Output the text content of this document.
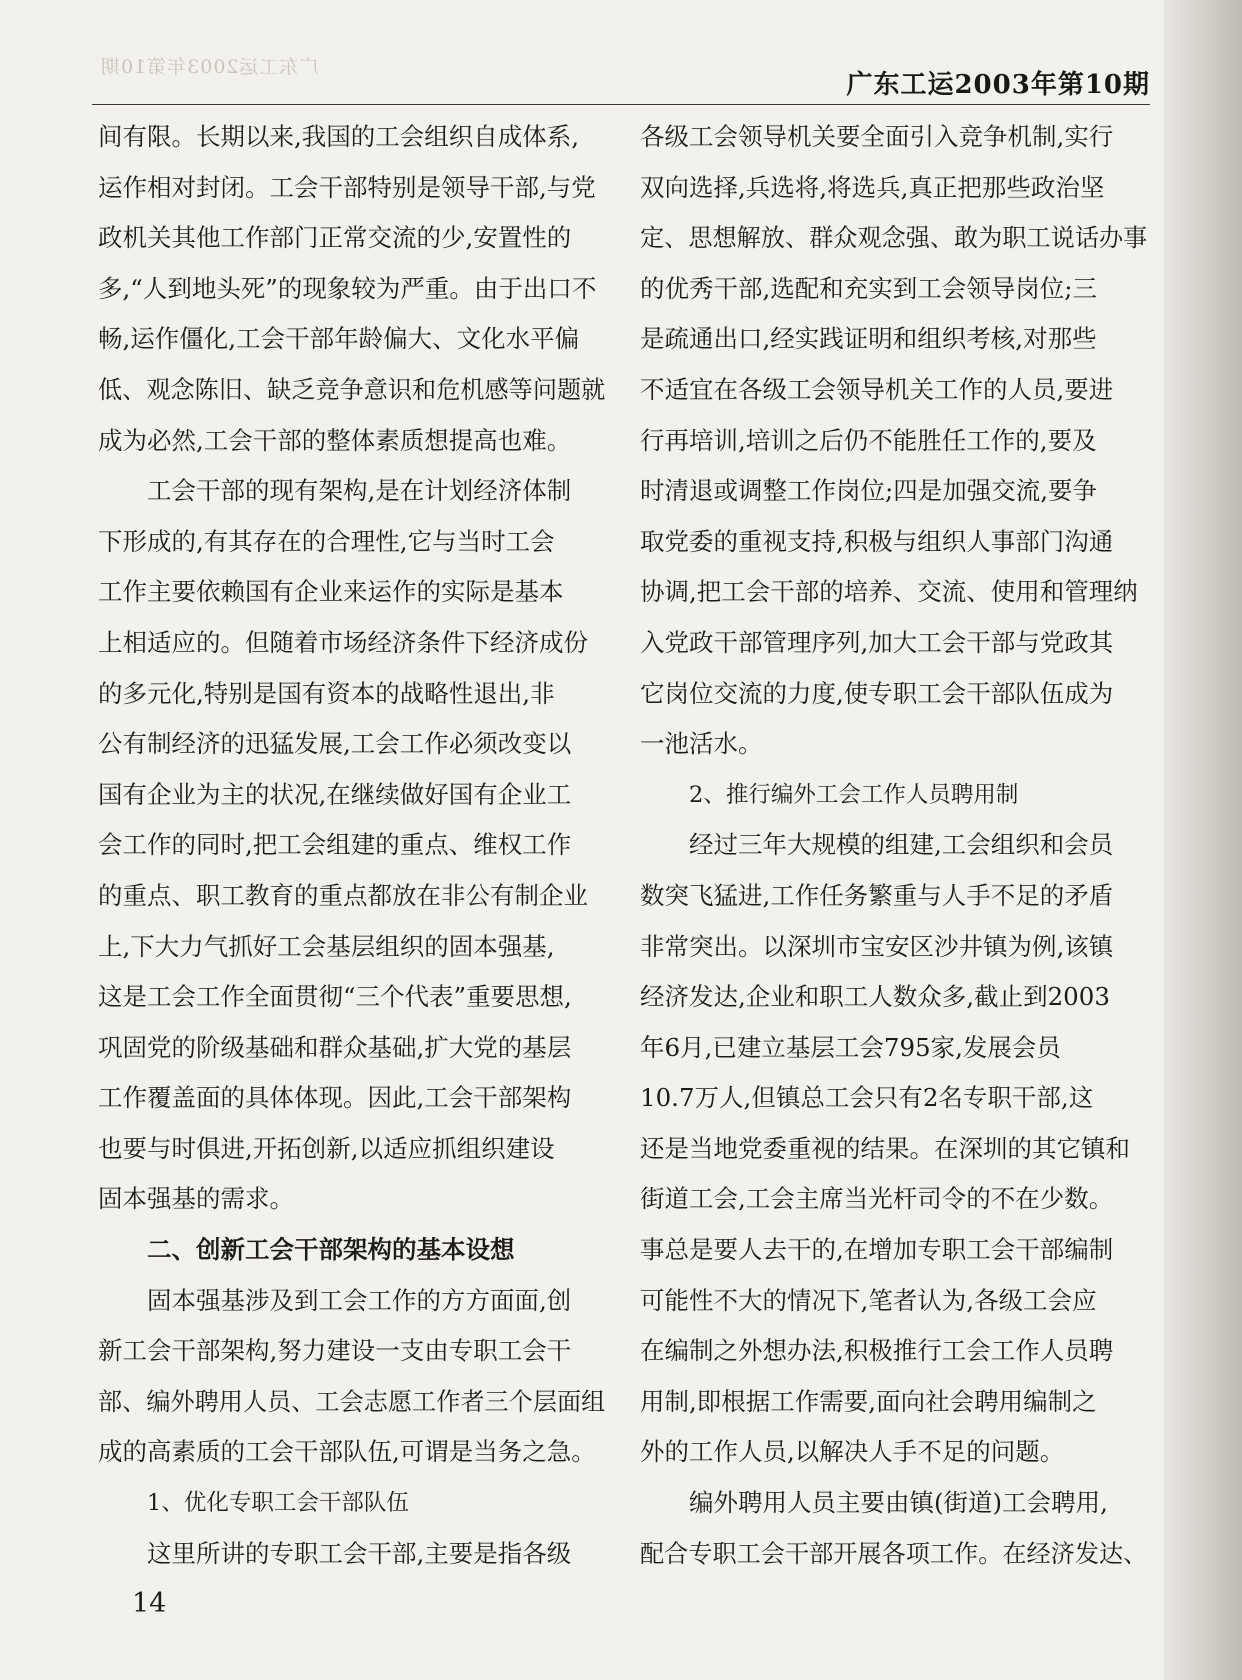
广东工运2003年第10期
广东工运2003年第10期
间有限。长期以来,我国的工会组织自成体系,
运作相对封闭。工会干部特别是领导干部,与党
政机关其他工作部门正常交流的少,安置性的
多,“人到地头死”的现象较为严重。由于出口不
畅,运作僵化,工会干部年龄偏大、文化水平偏
低、观念陈旧、缺乏竞争意识和危机感等问题就
成为必然,工会干部的整体素质想提高也难。
工会干部的现有架构,是在计划经济体制
下形成的,有其存在的合理性,它与当时工会
工作主要依赖国有企业来运作的实际是基本
上相适应的。但随着市场经济条件下经济成份
的多元化,特别是国有资本的战略性退出,非
公有制经济的迅猛发展,工会工作必须改变以
国有企业为主的状况,在继续做好国有企业工
会工作的同时,把工会组建的重点、维权工作
的重点、职工教育的重点都放在非公有制企业
上,下大力气抓好工会基层组织的固本强基,
这是工会工作全面贯彻“三个代表”重要思想,
巩固党的阶级基础和群众基础,扩大党的基层
工作覆盖面的具体体现。因此,工会干部架构
也要与时俱进,开拓创新,以适应抓组织建设
固本强基的需求。
二、创新工会干部架构的基本设想
固本强基涉及到工会工作的方方面面,创
新工会干部架构,努力建设一支由专职工会干
部、编外聘用人员、工会志愿工作者三个层面组
成的高素质的工会干部队伍,可谓是当务之急。
1、优化专职工会干部队伍
这里所讲的专职工会干部,主要是指各级
各级工会领导机关要全面引入竞争机制,实行
双向选择,兵选将,将选兵,真正把那些政治坚
定、思想解放、群众观念强、敢为职工说话办事
的优秀干部,选配和充实到工会领导岗位;三
是疏通出口,经实践证明和组织考核,对那些
不适宜在各级工会领导机关工作的人员,要进
行再培训,培训之后仍不能胜任工作的,要及
时清退或调整工作岗位;四是加强交流,要争
取党委的重视支持,积极与组织人事部门沟通
协调,把工会干部的培养、交流、使用和管理纳
入党政干部管理序列,加大工会干部与党政其
它岗位交流的力度,使专职工会干部队伍成为
一池活水。
2、推行编外工会工作人员聘用制
经过三年大规模的组建,工会组织和会员
数突飞猛进,工作任务繁重与人手不足的矛盾
非常突出。以深圳市宝安区沙井镇为例,该镇
经济发达,企业和职工人数众多,截止到2003
年6月,已建立基层工会795家,发展会员
10.7万人,但镇总工会只有2名专职干部,这
还是当地党委重视的结果。在深圳的其它镇和
街道工会,工会主席当光杆司令的不在少数。
事总是要人去干的,在增加专职工会干部编制
可能性不大的情况下,笔者认为,各级工会应
在编制之外想办法,积极推行工会工作人员聘
用制,即根据工作需要,面向社会聘用编制之
外的工作人员,以解决人手不足的问题。
编外聘用人员主要由镇(街道)工会聘用,
配合专职工会干部开展各项工作。在经济发达、
14
